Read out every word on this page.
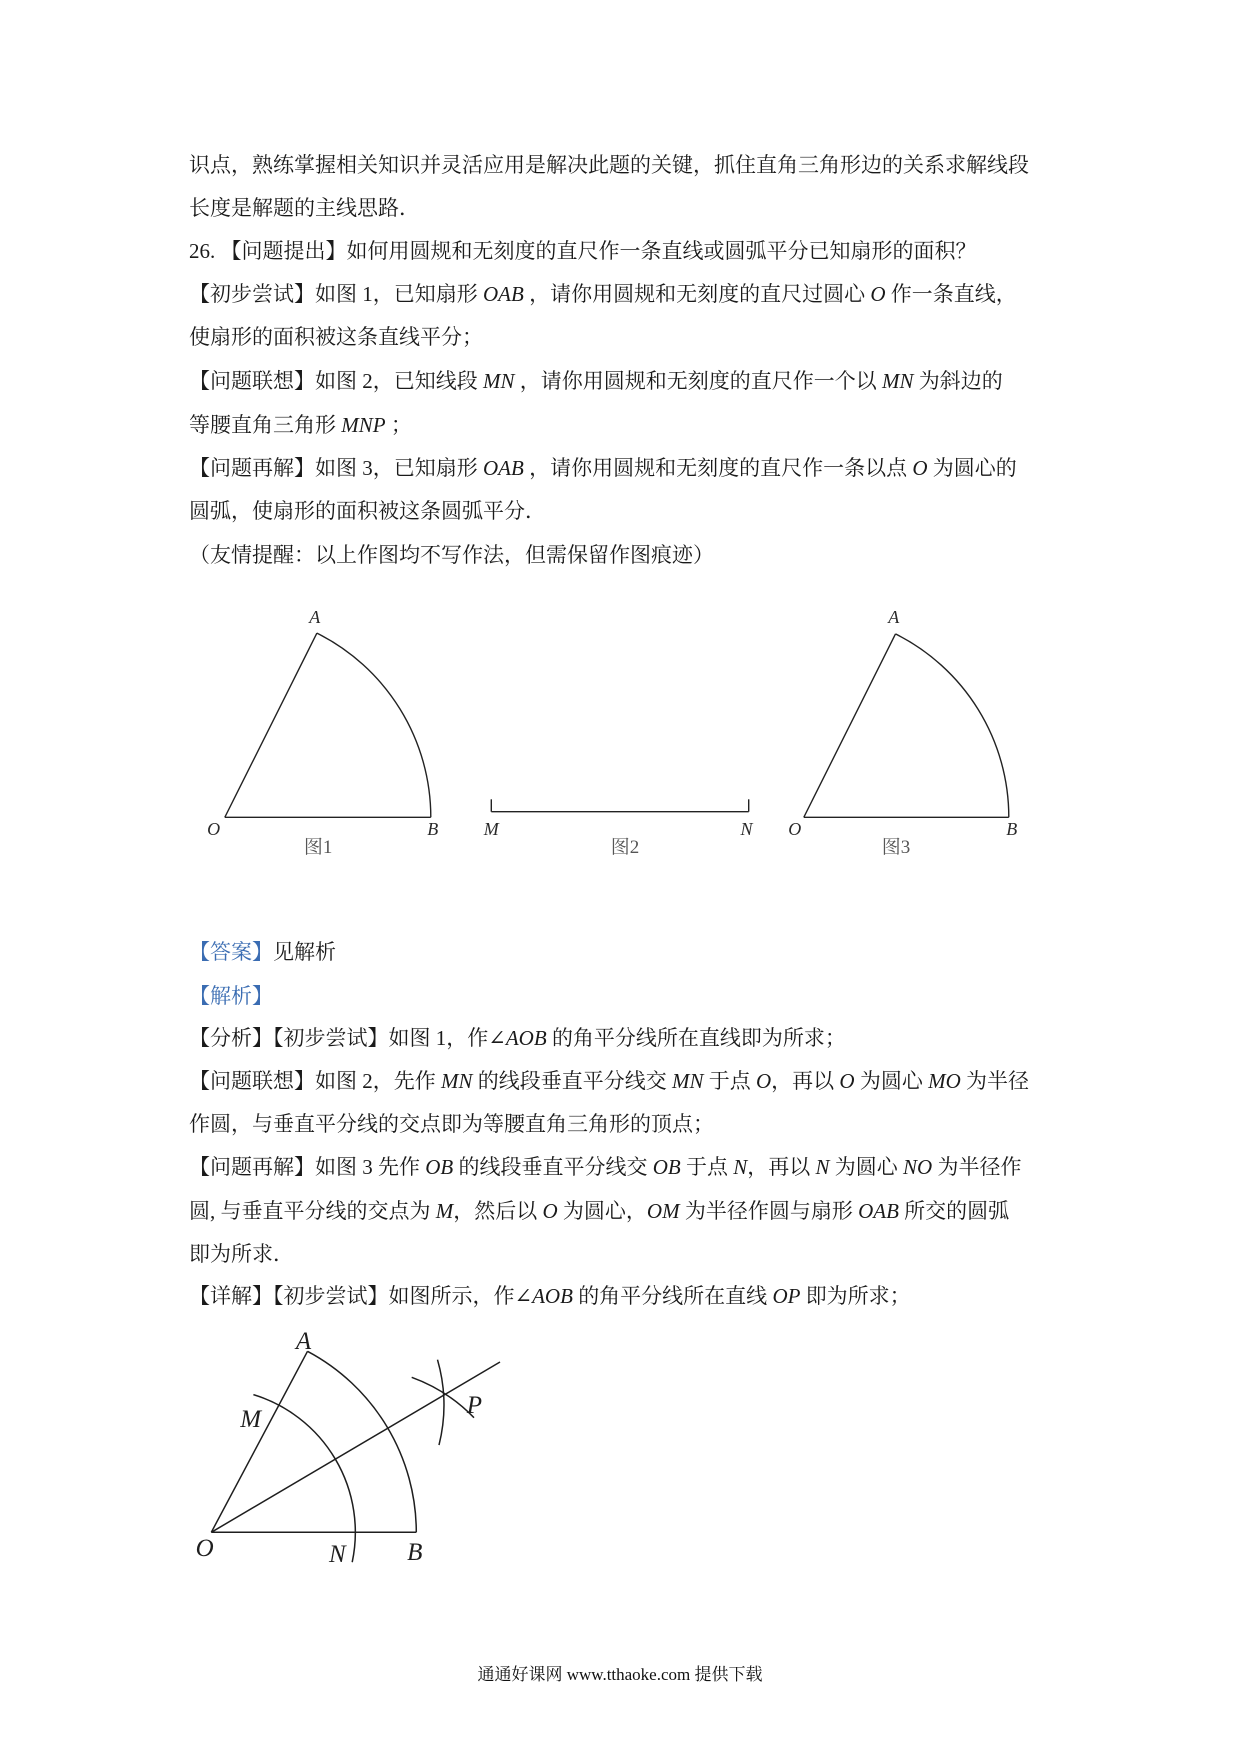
识点，熟练掌握相关知识并灵活应用是解决此题的关键，抓住直角三角形边的关系求解线段
长度是解题的主线思路．
26. 【问题提出】如何用圆规和无刻度的直尺作一条直线或圆弧平分已知扇形的面积？
【初步尝试】如图 1，已知扇形 OAB ，请你用圆规和无刻度的直尺过圆心 O 作一条直线，
使扇形的面积被这条直线平分；
【问题联想】如图 2，已知线段 MN ，请你用圆规和无刻度的直尺作一个以 MN 为斜边的
等腰直角三角形 MNP ；
【问题再解】如图 3，已知扇形 OAB ，请你用圆规和无刻度的直尺作一条以点 O 为圆心的
圆弧，使扇形的面积被这条圆弧平分．
（友情提醒：以上作图均不写作法，但需保留作图痕迹）
【答案】见解析
【解析】
【分析】【初步尝试】如图 1，作∠AOB 的角平分线所在直线即为所求；
【问题联想】如图 2，先作 MN 的线段垂直平分线交 MN 于点 O，再以 O 为圆心 MO 为半径
作圆，与垂直平分线的交点即为等腰直角三角形的顶点；
【问题再解】如图 3 先作 OB 的线段垂直平分线交 OB 于点 N，再以 N 为圆心 NO 为半径作
圆, 与垂直平分线的交点为 M，然后以 O 为圆心，OM 为半径作圆与扇形 OAB 所交的圆弧
即为所求．
【详解】【初步尝试】如图所示，作∠AOB 的角平分线所在直线 OP 即为所求；
A
O	B
图1
M	N
图2
A
O	B
图3
A
M
P
O	N B
通通好课网 www.tthaoke.com 提供下载
